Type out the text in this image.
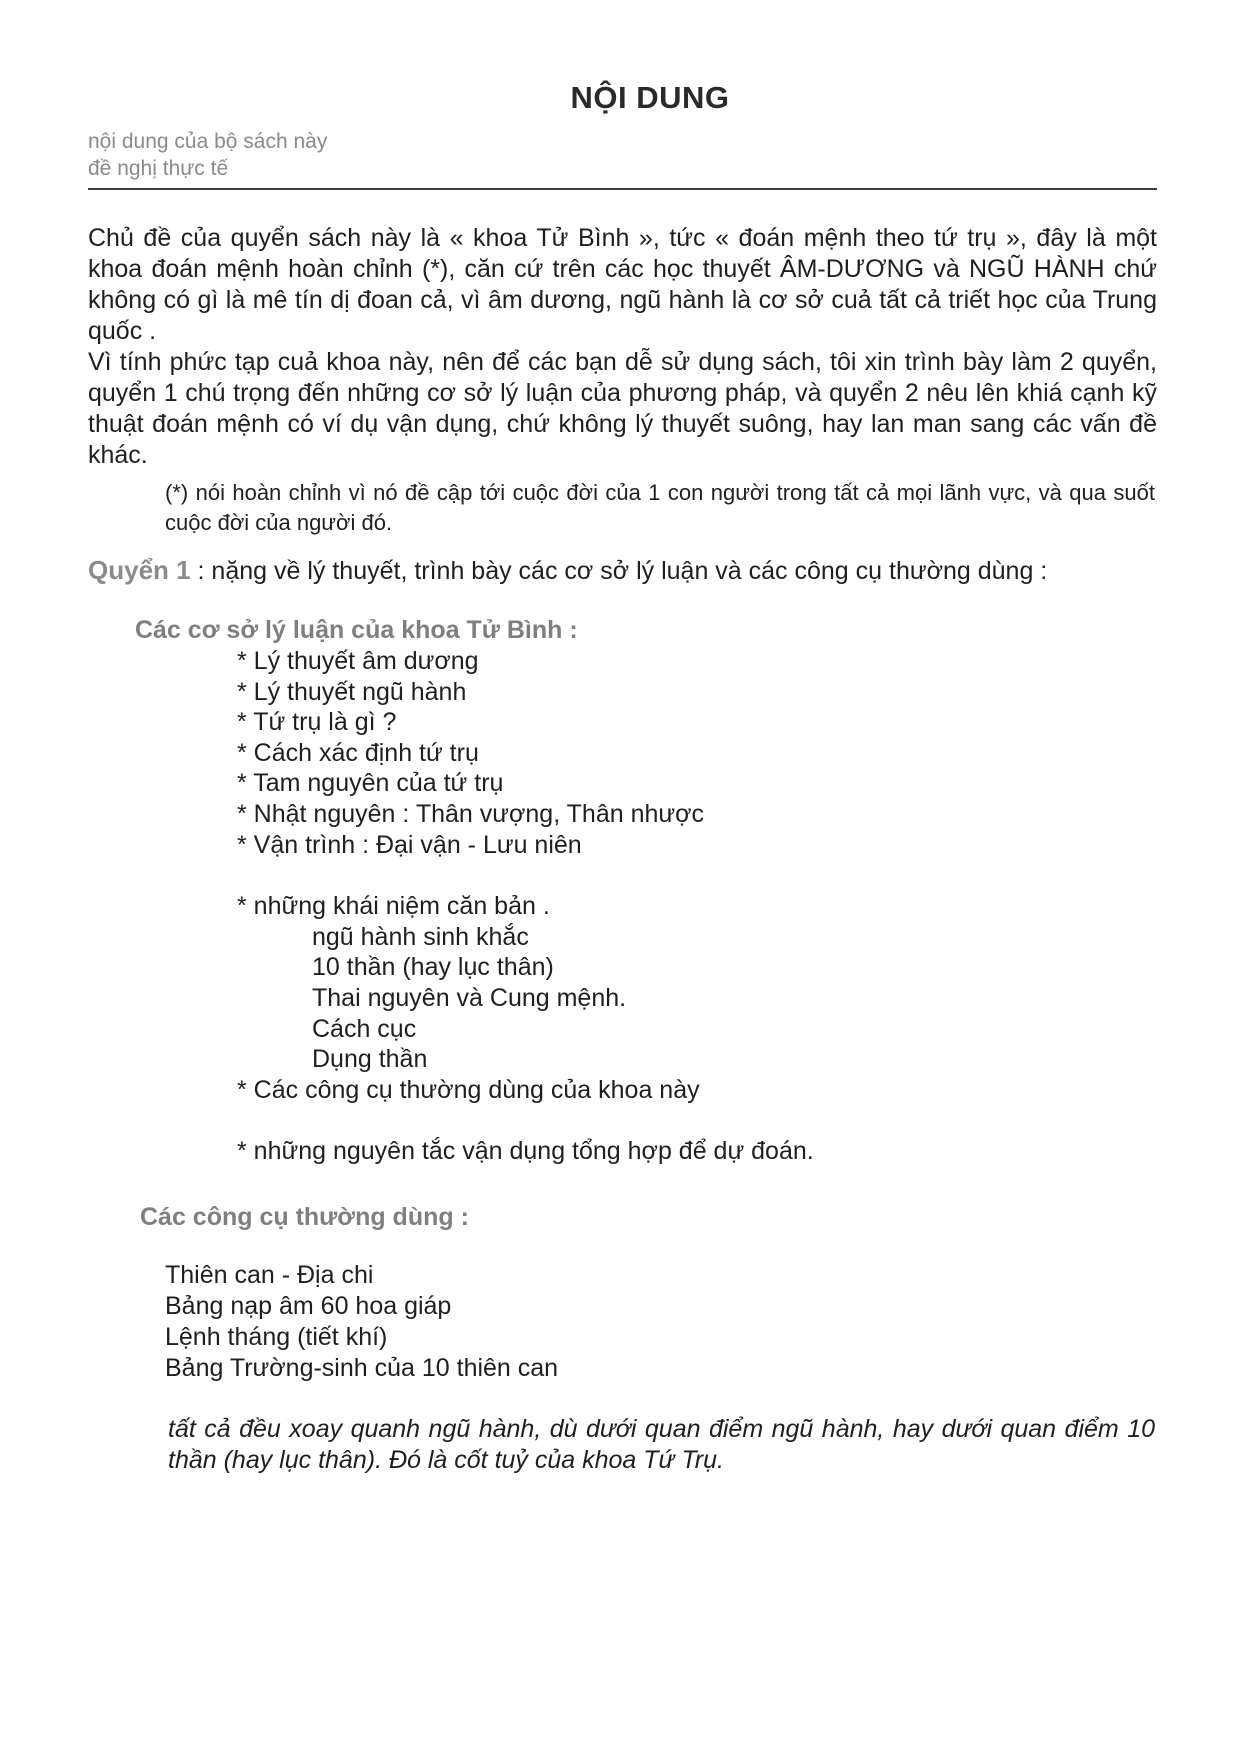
NỘI DUNG
nội dung của bộ sách này
đề nghị thực tế
Chủ đề của quyển sách này là « khoa Tử Bình », tức « đoán mệnh theo tứ trụ », đây là một khoa đoán mệnh hoàn chỉnh (*), căn cứ trên các học thuyết ÂM-DƯƠNG và NGŨ HÀNH chứ không có gì là mê tín dị đoan cả, vì âm dương, ngũ hành là cơ sở cuả tất cả triết học của Trung quốc .
Vì tính phức tạp cuả khoa này, nên để các bạn dễ sử dụng sách, tôi xin trình bày làm 2 quyển, quyển 1 chú trọng đến những cơ sở lý luận của phương pháp, và quyển 2 nêu lên khiá cạnh kỹ thuật đoán mệnh có ví dụ vận dụng, chứ không lý thuyết suông, hay lan man sang các vấn đề khác.
(*) nói hoàn chỉnh vì nó đề cập tới cuộc đời của 1 con người trong tất cả mọi lãnh vực, và qua suốt cuộc đời của người đó.
Quyển 1 : nặng về lý thuyết, trình bày các cơ sở lý luận và các công cụ thường dùng :
Các cơ sở lý luận của khoa Tử Bình :
* Lý thuyết âm dương
* Lý thuyết ngũ hành
* Tứ trụ là gì ?
* Cách xác định tứ trụ
* Tam nguyên của tứ trụ
* Nhật nguyên : Thân vượng, Thân nhược
* Vận trình : Đại vận - Lưu niên
* những khái niệm căn bản .
ngũ hành sinh khắc
10 thần (hay lục thân)
Thai nguyên và Cung mệnh.
Cách cục
Dụng thần
* Các công cụ thường dùng của khoa này
* những nguyên tắc vận dụng tổng hợp để dự đoán.
Các công cụ thường dùng :
Thiên can - Địa chi
Bảng nạp âm 60 hoa giáp
Lệnh tháng (tiết khí)
Bảng Trường-sinh của 10 thiên can
tất cả đều xoay quanh ngũ hành, dù dưới quan điểm ngũ hành, hay dưới quan điểm 10 thần (hay lục thân). Đó là cốt tuỷ của khoa Tứ Trụ.
